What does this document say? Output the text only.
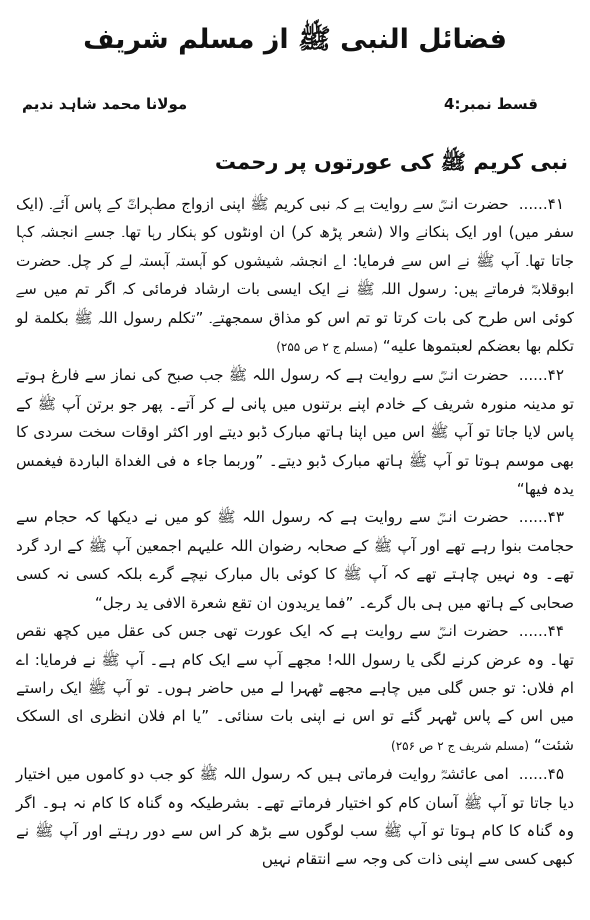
فضائل النبی ﷺ از مسلم شریف
قسط نمبر:4
مولانا محمد شاہد ندیم
نبی کریم ﷺ کی عورتوں پر رحمت

۴۱......حضرت انسؓ سے روایت ہے کہ نبی کریم ﷺ اپنی ازواج مطہراتؓ کے پاس آئے۔ (ایک سفر میں) اور ایک ہنکانے والا (شعر پڑھ کر) ان اونٹوں کو ہنکار رہا تھا۔ جسے انجشہ کہا جاتا تھا۔ آپ ﷺ نے اس سے فرمایا: اے انجشہ شیشوں کو آہستہ آہستہ لے کر چل۔ حضرت ابوقلابہؓ فرماتے ہیں: رسول اللہ ﷺ نے ایک ایسی بات ارشاد فرمائی کہ اگر تم میں سے کوئی اس طرح کی بات کرتا تو تم اس کو مذاق سمجھتے۔ ”تکلم رسول اللہ ﷺ بکلمة لو تکلم بھا بعضکم لعبتموھا علیه“ (مسلم ج ۲ ص ۲۵۵)

۴۲......حضرت انسؓ سے روایت ہے کہ رسول اللہ ﷺ جب صبح کی نماز سے فارغ ہوتے تو مدینہ منورہ شریف کے خادم اپنے برتنوں میں پانی لے کر آتے۔ پھر جو برتن آپ ﷺ کے پاس لایا جاتا تو آپ ﷺ اس میں اپنا ہاتھ مبارک ڈبو دیتے اور اکثر اوقات سخت سردی کا بھی موسم ہوتا تو آپ ﷺ ہاتھ مبارک ڈبو دیتے۔ ”وربما جاء ہ فی الغداة الباردة فیغمس یدہ فیھا“

۴۳......حضرت انسؓ سے روایت ہے کہ رسول اللہ ﷺ کو میں نے دیکھا کہ حجام سے حجامت بنوا رہے تھے اور آپ ﷺ کے صحابہ رضوان اللہ علیہم اجمعین آپ ﷺ کے ارد گرد تھے۔ وہ نہیں چاہتے تھے کہ آپ ﷺ کا کوئی بال مبارک نیچے گرے بلکہ کسی نہ کسی صحابی کے ہاتھ میں ہی بال گرے۔ ”فما یریدون ان تقع شعرة الافی ید رجل“

۴۴......حضرت انسؓ سے روایت ہے کہ ایک عورت تھی جس کی عقل میں کچھ نقص تھا۔ وہ عرض کرنے لگی یا رسول اللہ! مجھے آپ سے ایک کام ہے۔ آپ ﷺ نے فرمایا: اے ام فلاں: تو جس گلی میں چاہے مجھے ٹھہرا لے میں حاضر ہوں۔ تو آپ ﷺ ایک راستے میں اس کے پاس ٹھہر گئے تو اس نے اپنی بات سنائی۔ ”یا ام فلان انظری ای السکک شئت“ (مسلم شریف ج ۲ ص ۲۵۶)

۴۵......امی عائشہؓ روایت فرماتی ہیں کہ رسول اللہ ﷺ کو جب دو کاموں میں اختیار دیا جاتا تو آپ ﷺ آسان کام کو اختیار فرماتے تھے۔ بشرطیکہ وہ گناہ کا کام نہ ہو۔ اگر وہ گناہ کا کام ہوتا تو آپ ﷺ سب لوگوں سے بڑھ کر اس سے دور رہتے اور آپ ﷺ نے کبھی کسی سے اپنی ذات کی وجہ سے انتقام نہیں
